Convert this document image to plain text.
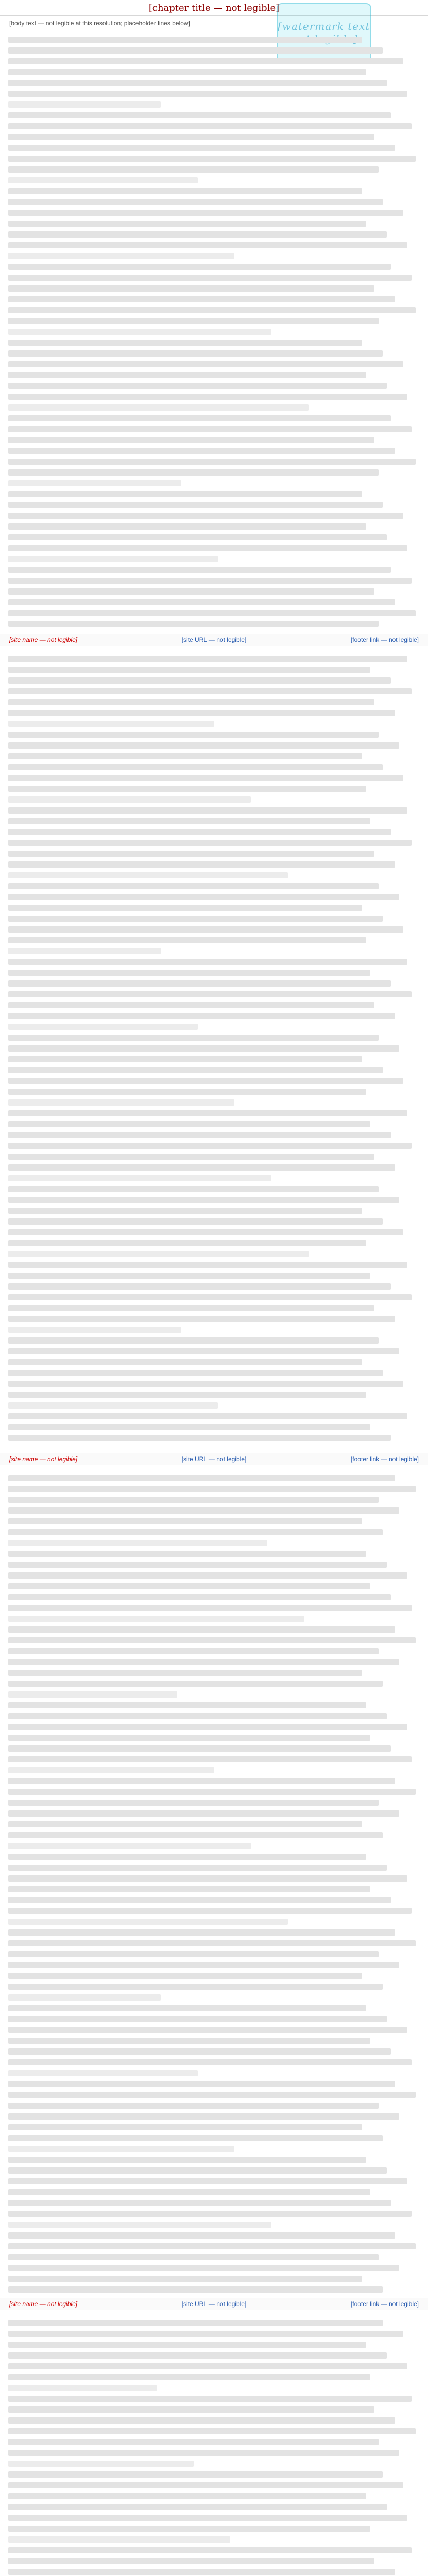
[chapter title — not legible]
[watermark text
[body text — not legible at this resolution; placeholder lines below]
[site name — not legible]	[site URL — not legible]	[footer link — not legible]
[site name — not legible]	[site URL — not legible]	[footer link — not legible]
[site name — not legible]	[site URL — not legible]	[footer link — not legible]
